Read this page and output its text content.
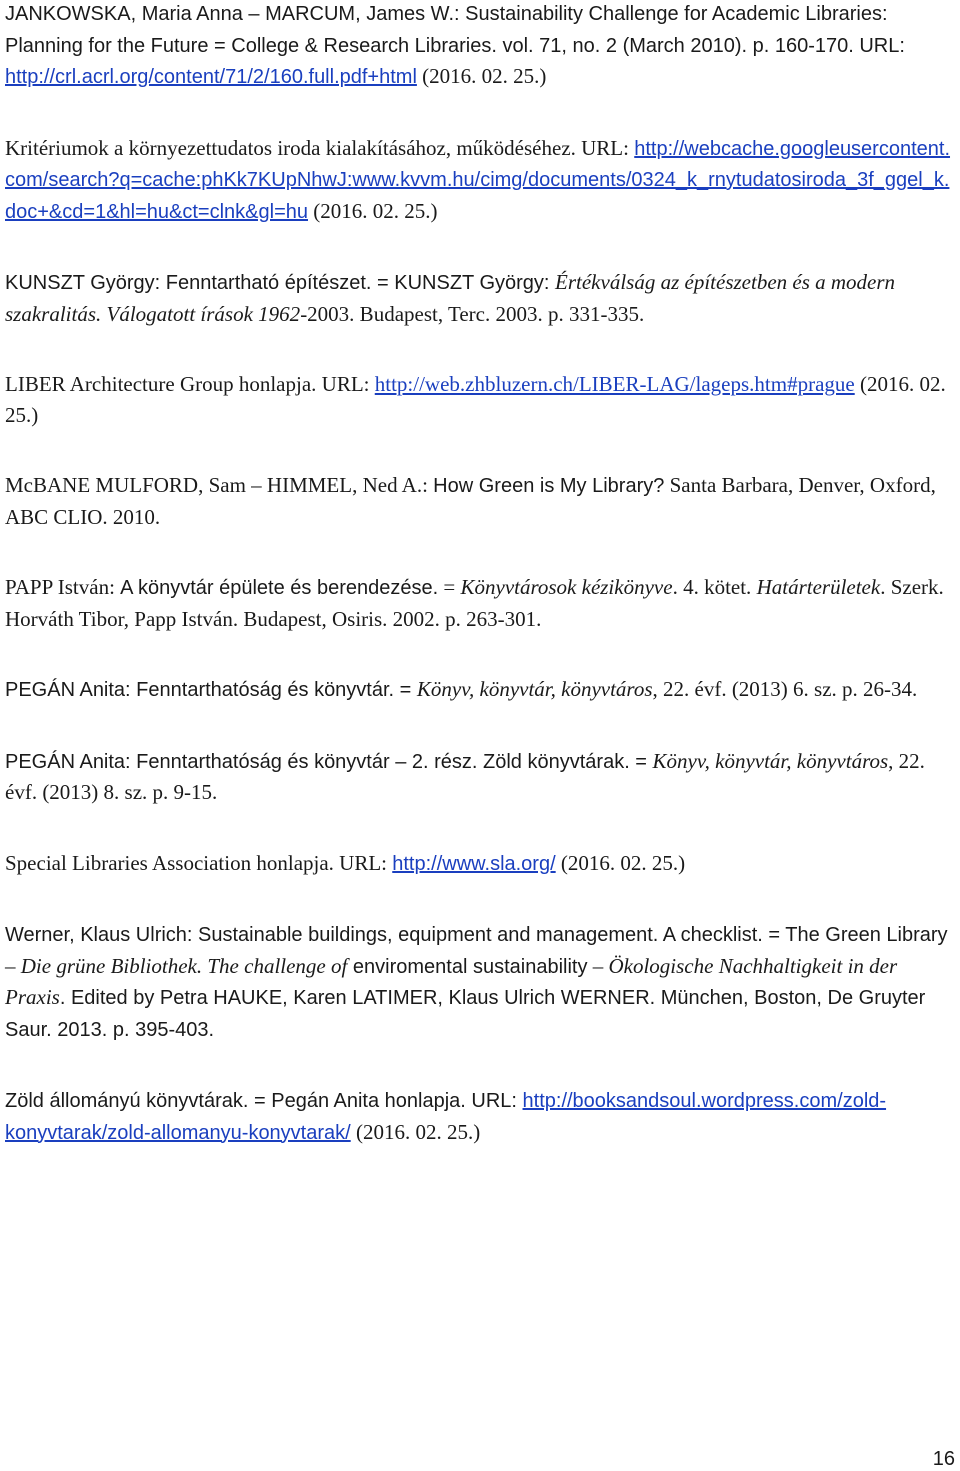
JANKOWSKA, Maria Anna – MARCUM, James W.: Sustainability Challenge for Academic Libraries: Planning for the Future = College & Research Libraries. vol. 71, no. 2 (March 2010). p. 160-170. URL: http://crl.acrl.org/content/71/2/160.full.pdf+html (2016. 02. 25.)

Kritériumok a környezettudatos iroda kialakításához, működéséhez. URL: http://webcache.googleusercontent.com/search?q=cache:phKk7KUpNhwJ:www.kvvm.hu/cimg/documents/0324_k_rnytudatosiroda_3f_ggel_k.doc+&cd=1&hl=hu&ct=clnk&gl=hu (2016. 02. 25.)

KUNSZT György: Fenntartható építészet. = KUNSZT György: Értékválság az építészetben és a modern szakralitás. Válogatott írások 1962-2003. Budapest, Terc. 2003. p. 331-335.

LIBER Architecture Group honlapja. URL: http://web.zhbluzern.ch/LIBER-LAG/lageps.htm#prague (2016. 02. 25.)

McBANE MULFORD, Sam – HIMMEL, Ned A.: How Green is My Library? Santa Barbara, Denver, Oxford, ABC CLIO. 2010.

PAPP István: A könyvtár épülete és berendezése. = Könyvtárosok kézikönyve. 4. kötet. Határterületek. Szerk. Horváth Tibor, Papp István. Budapest, Osiris. 2002. p. 263-301.

PEGÁN Anita: Fenntarthatóság és könyvtár. = Könyv, könyvtár, könyvtáros, 22. évf. (2013) 6. sz. p. 26-34.

PEGÁN Anita: Fenntarthatóság és könyvtár – 2. rész. Zöld könyvtárak. = Könyv, könyvtár, könyvtáros, 22. évf. (2013) 8. sz. p. 9-15.

Special Libraries Association honlapja. URL: http://www.sla.org/ (2016. 02. 25.)

Werner, Klaus Ulrich: Sustainable buildings, equipment and management. A checklist. = The Green Library – Die grüne Bibliothek. The challenge of enviromental sustainability – Ökologische Nachhaltigkeit in der Praxis. Edited by Petra HAUKE, Karen LATIMER, Klaus Ulrich WERNER. München, Boston, De Gruyter Saur. 2013. p. 395-403.

Zöld állományú könyvtárak. = Pegán Anita honlapja. URL: http://booksandsoul.wordpress.com/zold-konyvtarak/zold-allomanyu-konyvtarak/ (2016. 02. 25.)

16
